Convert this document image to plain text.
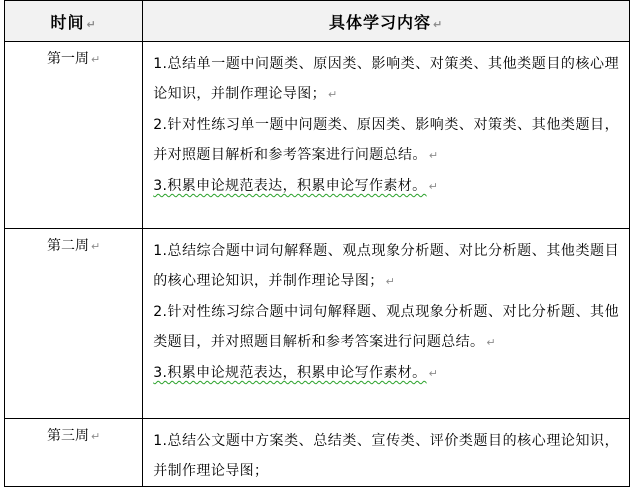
时间 ↵	具体学习内容 ↵
第一周 ↵	1.总结单一题中问题类、原因类、影响类、对策类、其他类题目的核心理论知识，并制作理论导图； ↵

2.针对性练习单一题中问题类、原因类、影响类、对策类、其他类题目，并对照题目解析和参考答案进行问题总结。 ↵

3.积累申论规范表达，积累申论写作素材。 ↵

第二周 ↵	1.总结综合题中词句解释题、观点现象分析题、对比分析题、其他类题目的核心理论知识，并制作理论导图； ↵

2.针对性练习综合题中词句解释题、观点现象分析题、对比分析题、其他类题目，并对照题目解析和参考答案进行问题总结。 ↵

3.积累申论规范表达，积累申论写作素材。 ↵

第三周 ↵	1.总结公文题中方案类、总结类、宣传类、评价类题目的核心理论知识，并制作理论导图；
